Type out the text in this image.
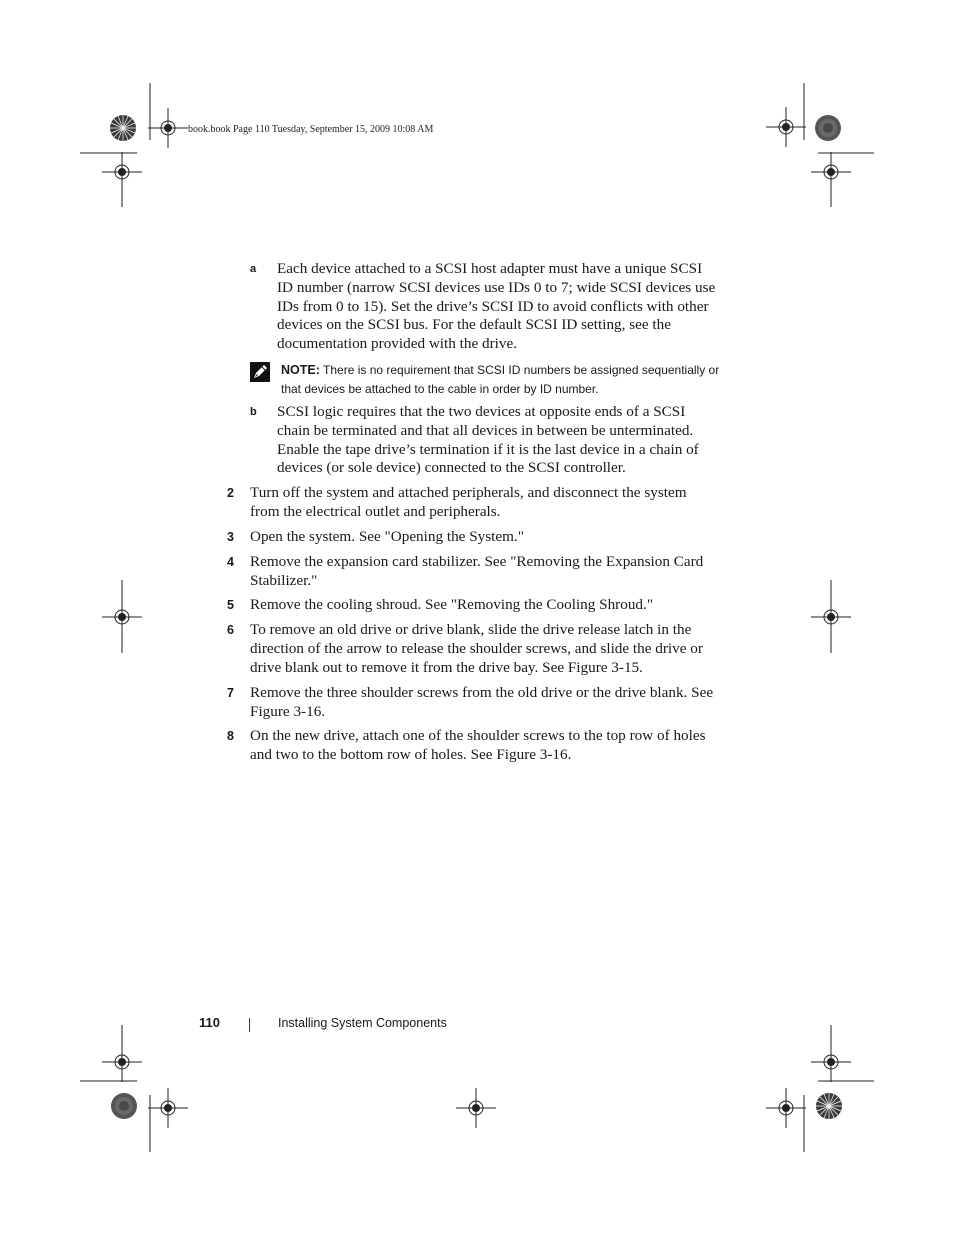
book.book Page 110 Tuesday, September 15, 2009 10:08 AM
a Each device attached to a SCSI host adapter must have a unique SCSI ID number (narrow SCSI devices use IDs 0 to 7; wide SCSI devices use IDs from 0 to 15). Set the drive’s SCSI ID to avoid conflicts with other devices on the SCSI bus. For the default SCSI ID setting, see the documentation provided with the drive.
NOTE: There is no requirement that SCSI ID numbers be assigned sequentially or that devices be attached to the cable in order by ID number.
b SCSI logic requires that the two devices at opposite ends of a SCSI chain be terminated and that all devices in between be unterminated. Enable the tape drive’s termination if it is the last device in a chain of devices (or sole device) connected to the SCSI controller.
2 Turn off the system and attached peripherals, and disconnect the system from the electrical outlet and peripherals.
3 Open the system. See "Opening the System."
4 Remove the expansion card stabilizer. See "Removing the Expansion Card Stabilizer."
5 Remove the cooling shroud. See "Removing the Cooling Shroud."
6 To remove an old drive or drive blank, slide the drive release latch in the direction of the arrow to release the shoulder screws, and slide the drive or drive blank out to remove it from the drive bay. See Figure 3-15.
7 Remove the three shoulder screws from the old drive or the drive blank. See Figure 3-16.
8 On the new drive, attach one of the shoulder screws to the top row of holes and two to the bottom row of holes. See Figure 3-16.
110	Installing System Components
